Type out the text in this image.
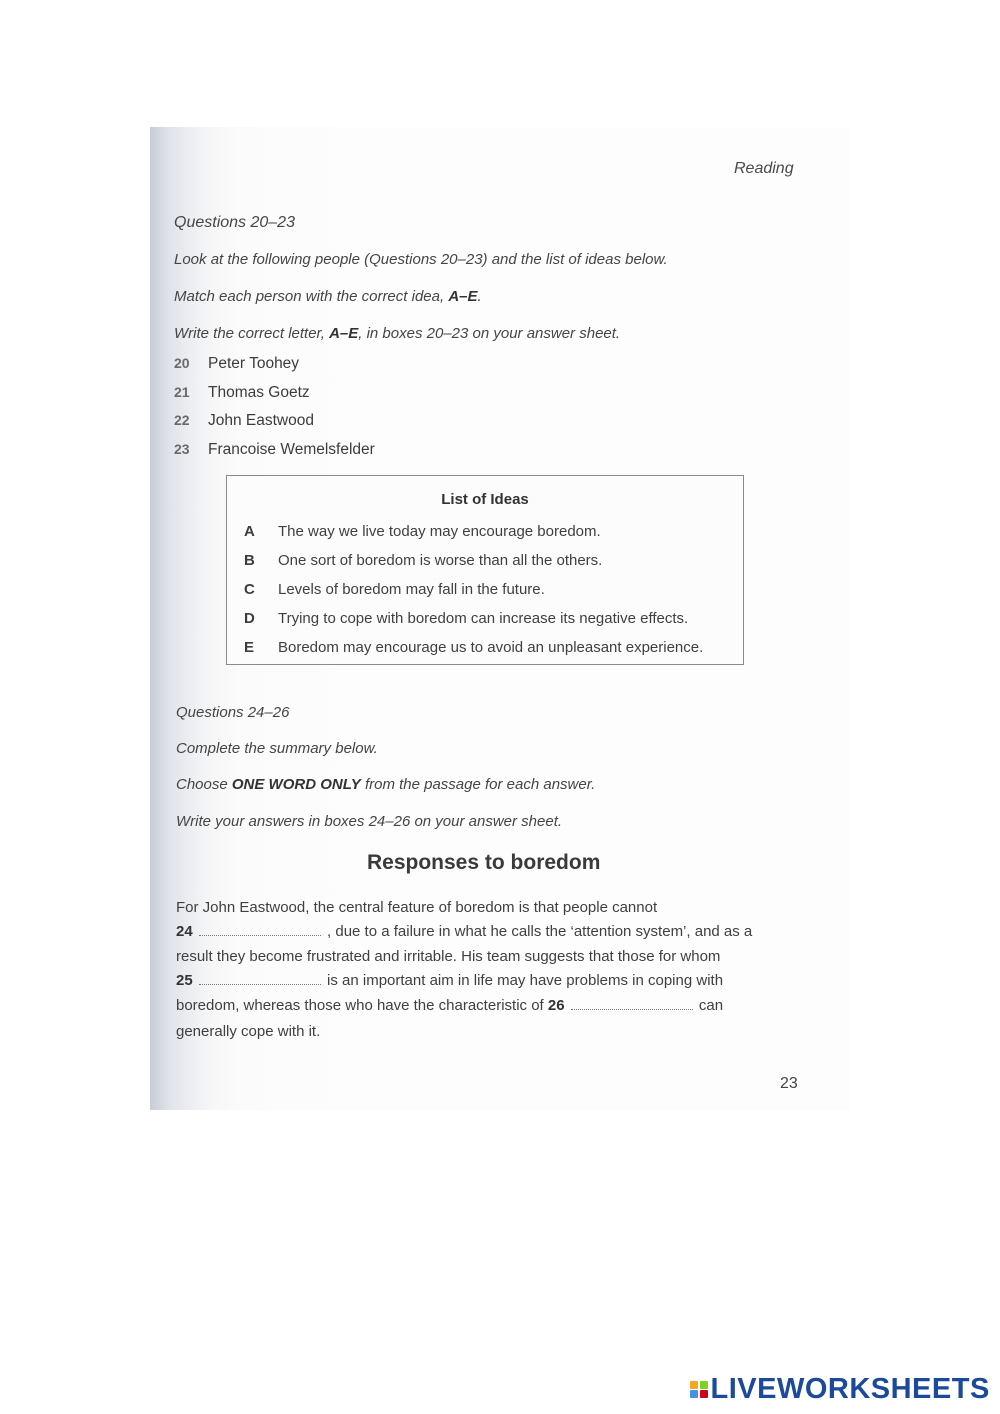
Reading
Questions 20–23
Look at the following people (Questions 20–23) and the list of ideas below.
Match each person with the correct idea, A–E.
Write the correct letter, A–E, in boxes 20–23 on your answer sheet.
20 Peter Toohey
21 Thomas Goetz
22 John Eastwood
23 Francoise Wemelsfelder
List of Ideas
A The way we live today may encourage boredom.
B One sort of boredom is worse than all the others.
C Levels of boredom may fall in the future.
D Trying to cope with boredom can increase its negative effects.
E Boredom may encourage us to avoid an unpleasant experience.
Questions 24–26
Complete the summary below.
Choose ONE WORD ONLY from the passage for each answer.
Write your answers in boxes 24–26 on your answer sheet.
Responses to boredom
For John Eastwood, the central feature of boredom is that people cannot
24	, due to a failure in what he calls the ‘attention system’, and as a
result they become frustrated and irritable. His team suggests that those for whom
25	is an important aim in life may have problems in coping with
boredom, whereas those who have the characteristic of 26	can
generally cope with it.
23
LIVEWORKSHEETS
